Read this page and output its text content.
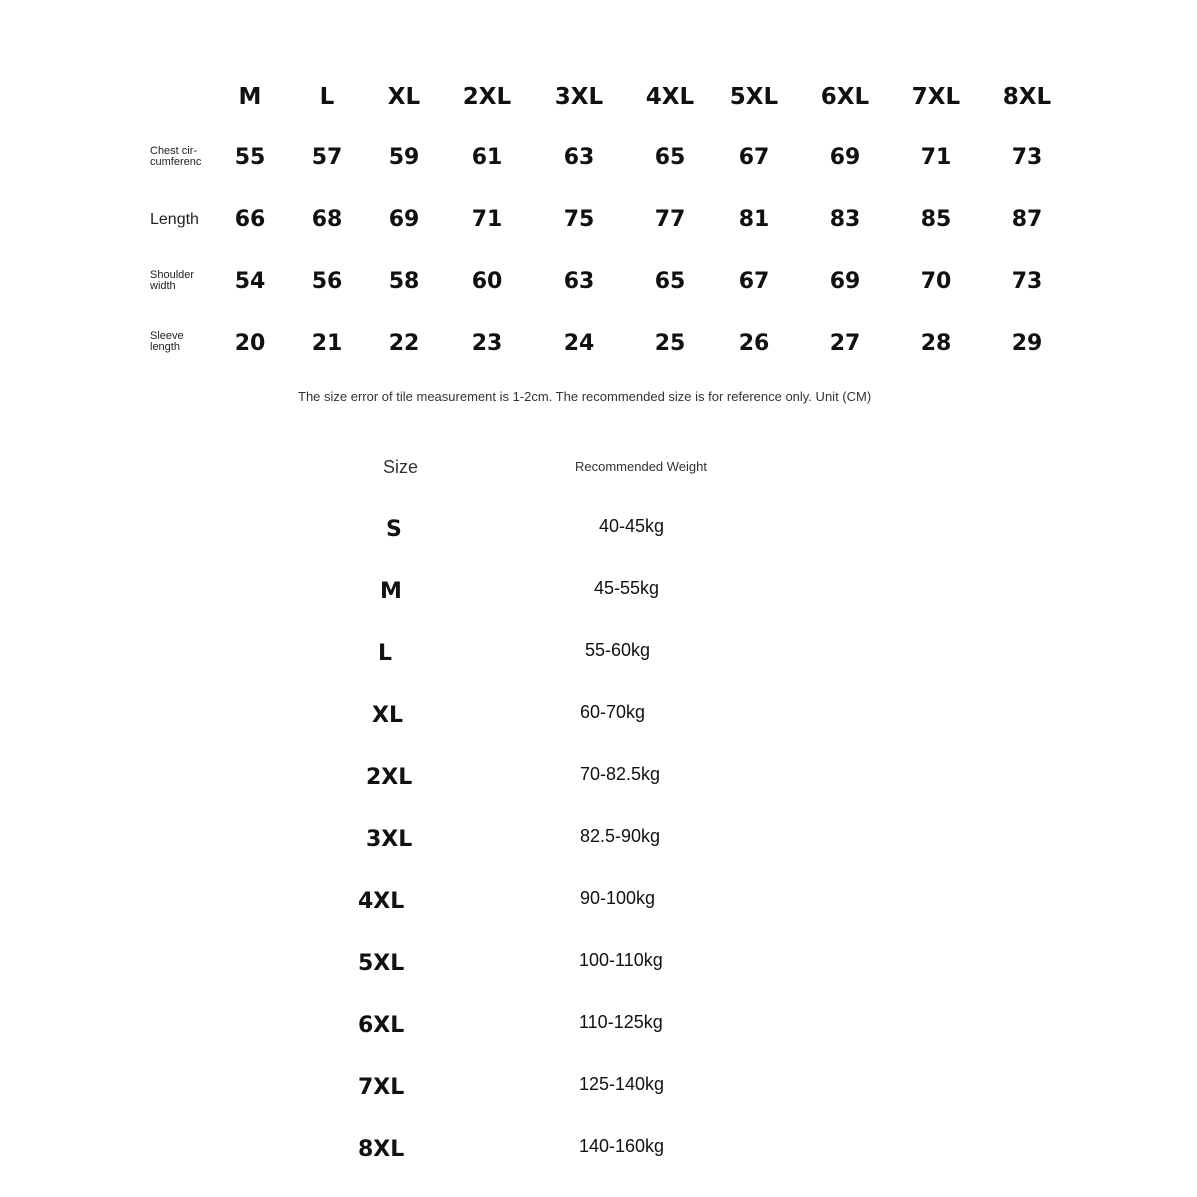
M	L	XL	2XL	3XL	4XL	5XL	6XL	7XL	8XL
Chest cir-
cumferenc	55	57	59	61	63	65	67	69	71	73
Length	66	68	69	71	75	77	81	83	85	87
Shoulder
width	54	56	58	60	63	65	67	69	70	73
Sleeve
length	20	21	22	23	24	25	26	27	28	29
The size error of tile measurement is 1-2cm. The recommended size is for reference only. Unit (CM)
Size	Recommended Weight
S	40-45kg
M	45-55kg
L	55-60kg
XL	60-70kg
2XL	70-82.5kg
3XL	82.5-90kg
4XL	90-100kg
5XL	100-110kg
6XL	110-125kg
7XL	125-140kg
8XL	140-160kg
